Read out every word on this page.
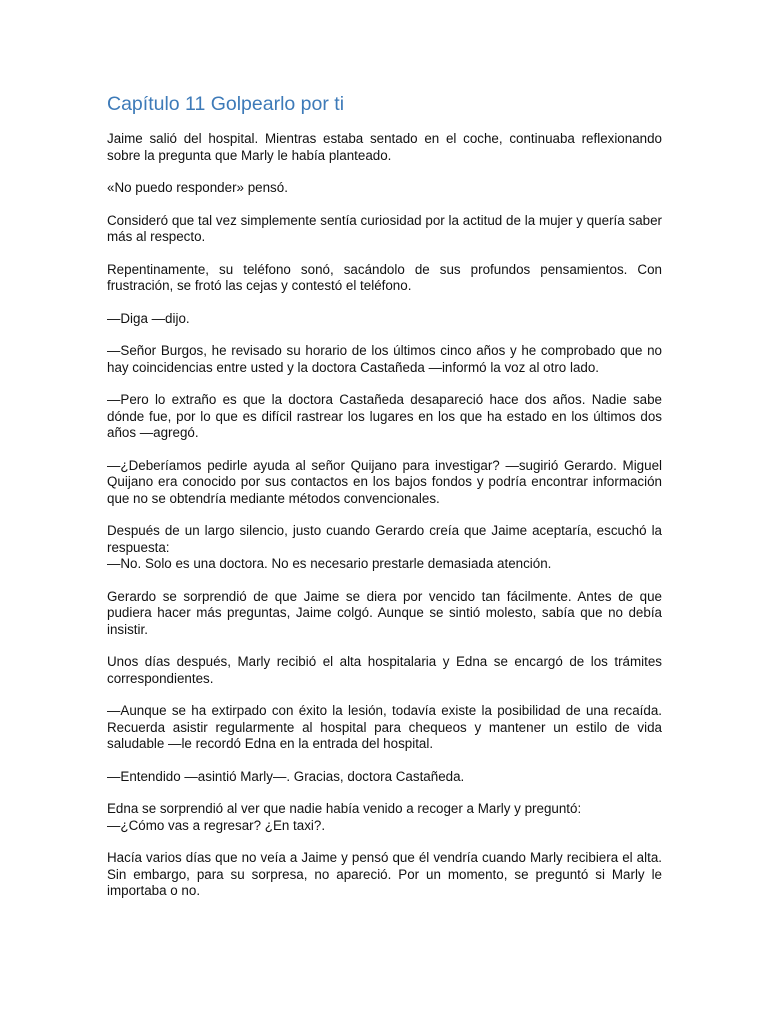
Capítulo 11 Golpearlo por ti

Jaime salió del hospital. Mientras estaba sentado en el coche, continuaba reflexionando sobre la pregunta que Marly le había planteado.

«No puedo responder» pensó.

Consideró que tal vez simplemente sentía curiosidad por la actitud de la mujer y quería saber más al respecto.

Repentinamente, su teléfono sonó, sacándolo de sus profundos pensamientos. Con frustración, se frotó las cejas y contestó el teléfono.

—Diga —dijo.

—Señor Burgos, he revisado su horario de los últimos cinco años y he comprobado que no hay coincidencias entre usted y la doctora Castañeda —informó la voz al otro lado.

—Pero lo extraño es que la doctora Castañeda desapareció hace dos años. Nadie sabe dónde fue, por lo que es difícil rastrear los lugares en los que ha estado en los últimos dos años —agregó.

—¿Deberíamos pedirle ayuda al señor Quijano para investigar? —sugirió Gerardo. Miguel Quijano era conocido por sus contactos en los bajos fondos y podría encontrar información que no se obtendría mediante métodos convencionales.

Después de un largo silencio, justo cuando Gerardo creía que Jaime aceptaría, escuchó la respuesta:
—No. Solo es una doctora. No es necesario prestarle demasiada atención.

Gerardo se sorprendió de que Jaime se diera por vencido tan fácilmente. Antes de que pudiera hacer más preguntas, Jaime colgó. Aunque se sintió molesto, sabía que no debía insistir.

Unos días después, Marly recibió el alta hospitalaria y Edna se encargó de los trámites correspondientes.

—Aunque se ha extirpado con éxito la lesión, todavía existe la posibilidad de una recaída. Recuerda asistir regularmente al hospital para chequeos y mantener un estilo de vida saludable —le recordó Edna en la entrada del hospital.

—Entendido —asintió Marly—. Gracias, doctora Castañeda.

Edna se sorprendió al ver que nadie había venido a recoger a Marly y preguntó:
—¿Cómo vas a regresar? ¿En taxi?.

Hacía varios días que no veía a Jaime y pensó que él vendría cuando Marly recibiera el alta. Sin embargo, para su sorpresa, no apareció. Por un momento, se preguntó si Marly le importaba o no.
